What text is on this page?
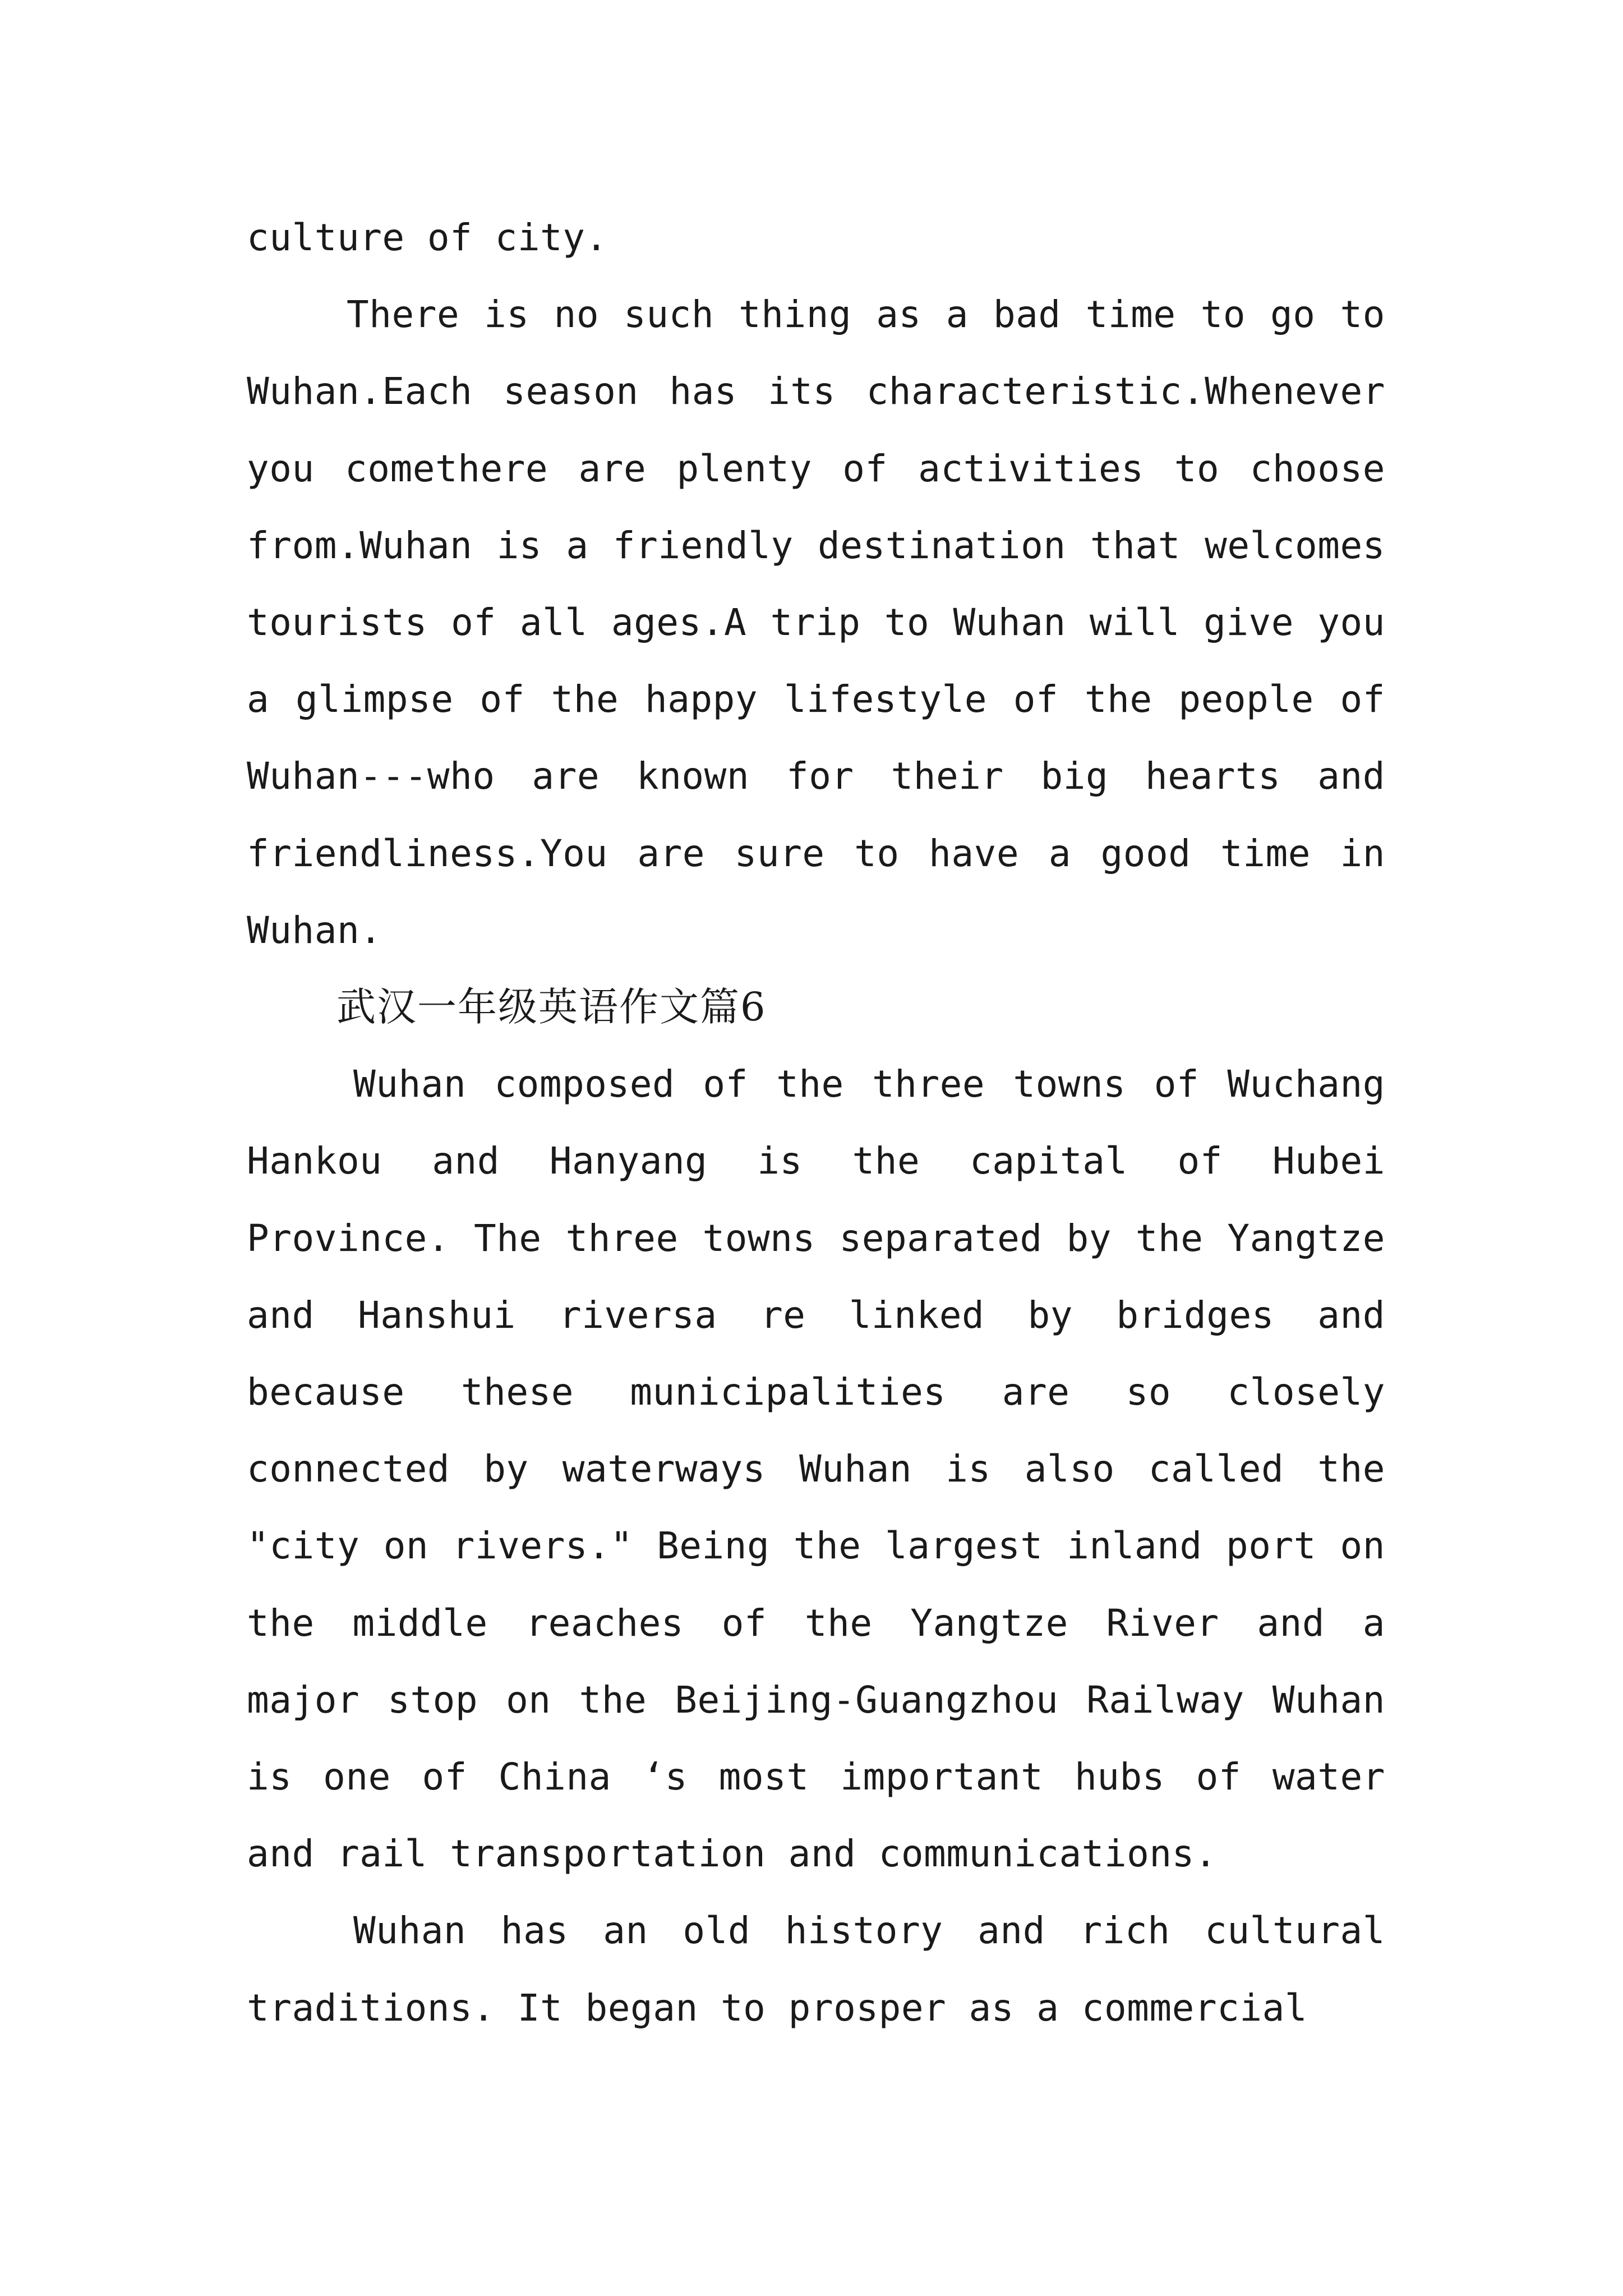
culture of city.

There is no such thing as a bad time to go to Wuhan.Each season has its characteristic.Whenever you comethere are plenty of activities to choose from.Wuhan is a friendly destination that welcomes tourists of all ages.A trip to Wuhan will give you a glimpse of the happy lifestyle of the people of Wuhan---who are known for their big hearts and friendliness.You are sure to have a good time in Wuhan.

武汉一年级英语作文篇6

Wuhan composed of the three towns of Wuchang Hankou and Hanyang is the capital of Hubei Province. The three towns separated by the Yangtze and Hanshui riversa re linked by bridges and because these municipalities are so closely connected by waterways Wuhan is also called the "city on rivers." Being the largest inland port on the middle reaches of the Yangtze River and a major stop on the Beijing-Guangzhou Railway Wuhan is one of China ‘s most important hubs of water and rail transportation and communications.

Wuhan has an old history and rich cultural traditions. It began to prosper as a commercial
